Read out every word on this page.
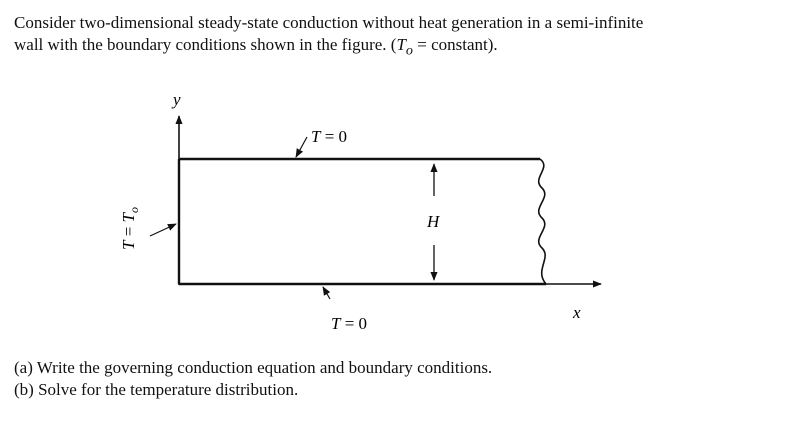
Consider two-dimensional steady-state conduction without heat generation in a semi-infinite
wall with the boundary conditions shown in the figure. ($T_o$ = constant).
y
x
H
T = 0
T = 0
$T = T_o$
(a) Write the governing conduction equation and boundary conditions.
(b) Solve for the temperature distribution.
